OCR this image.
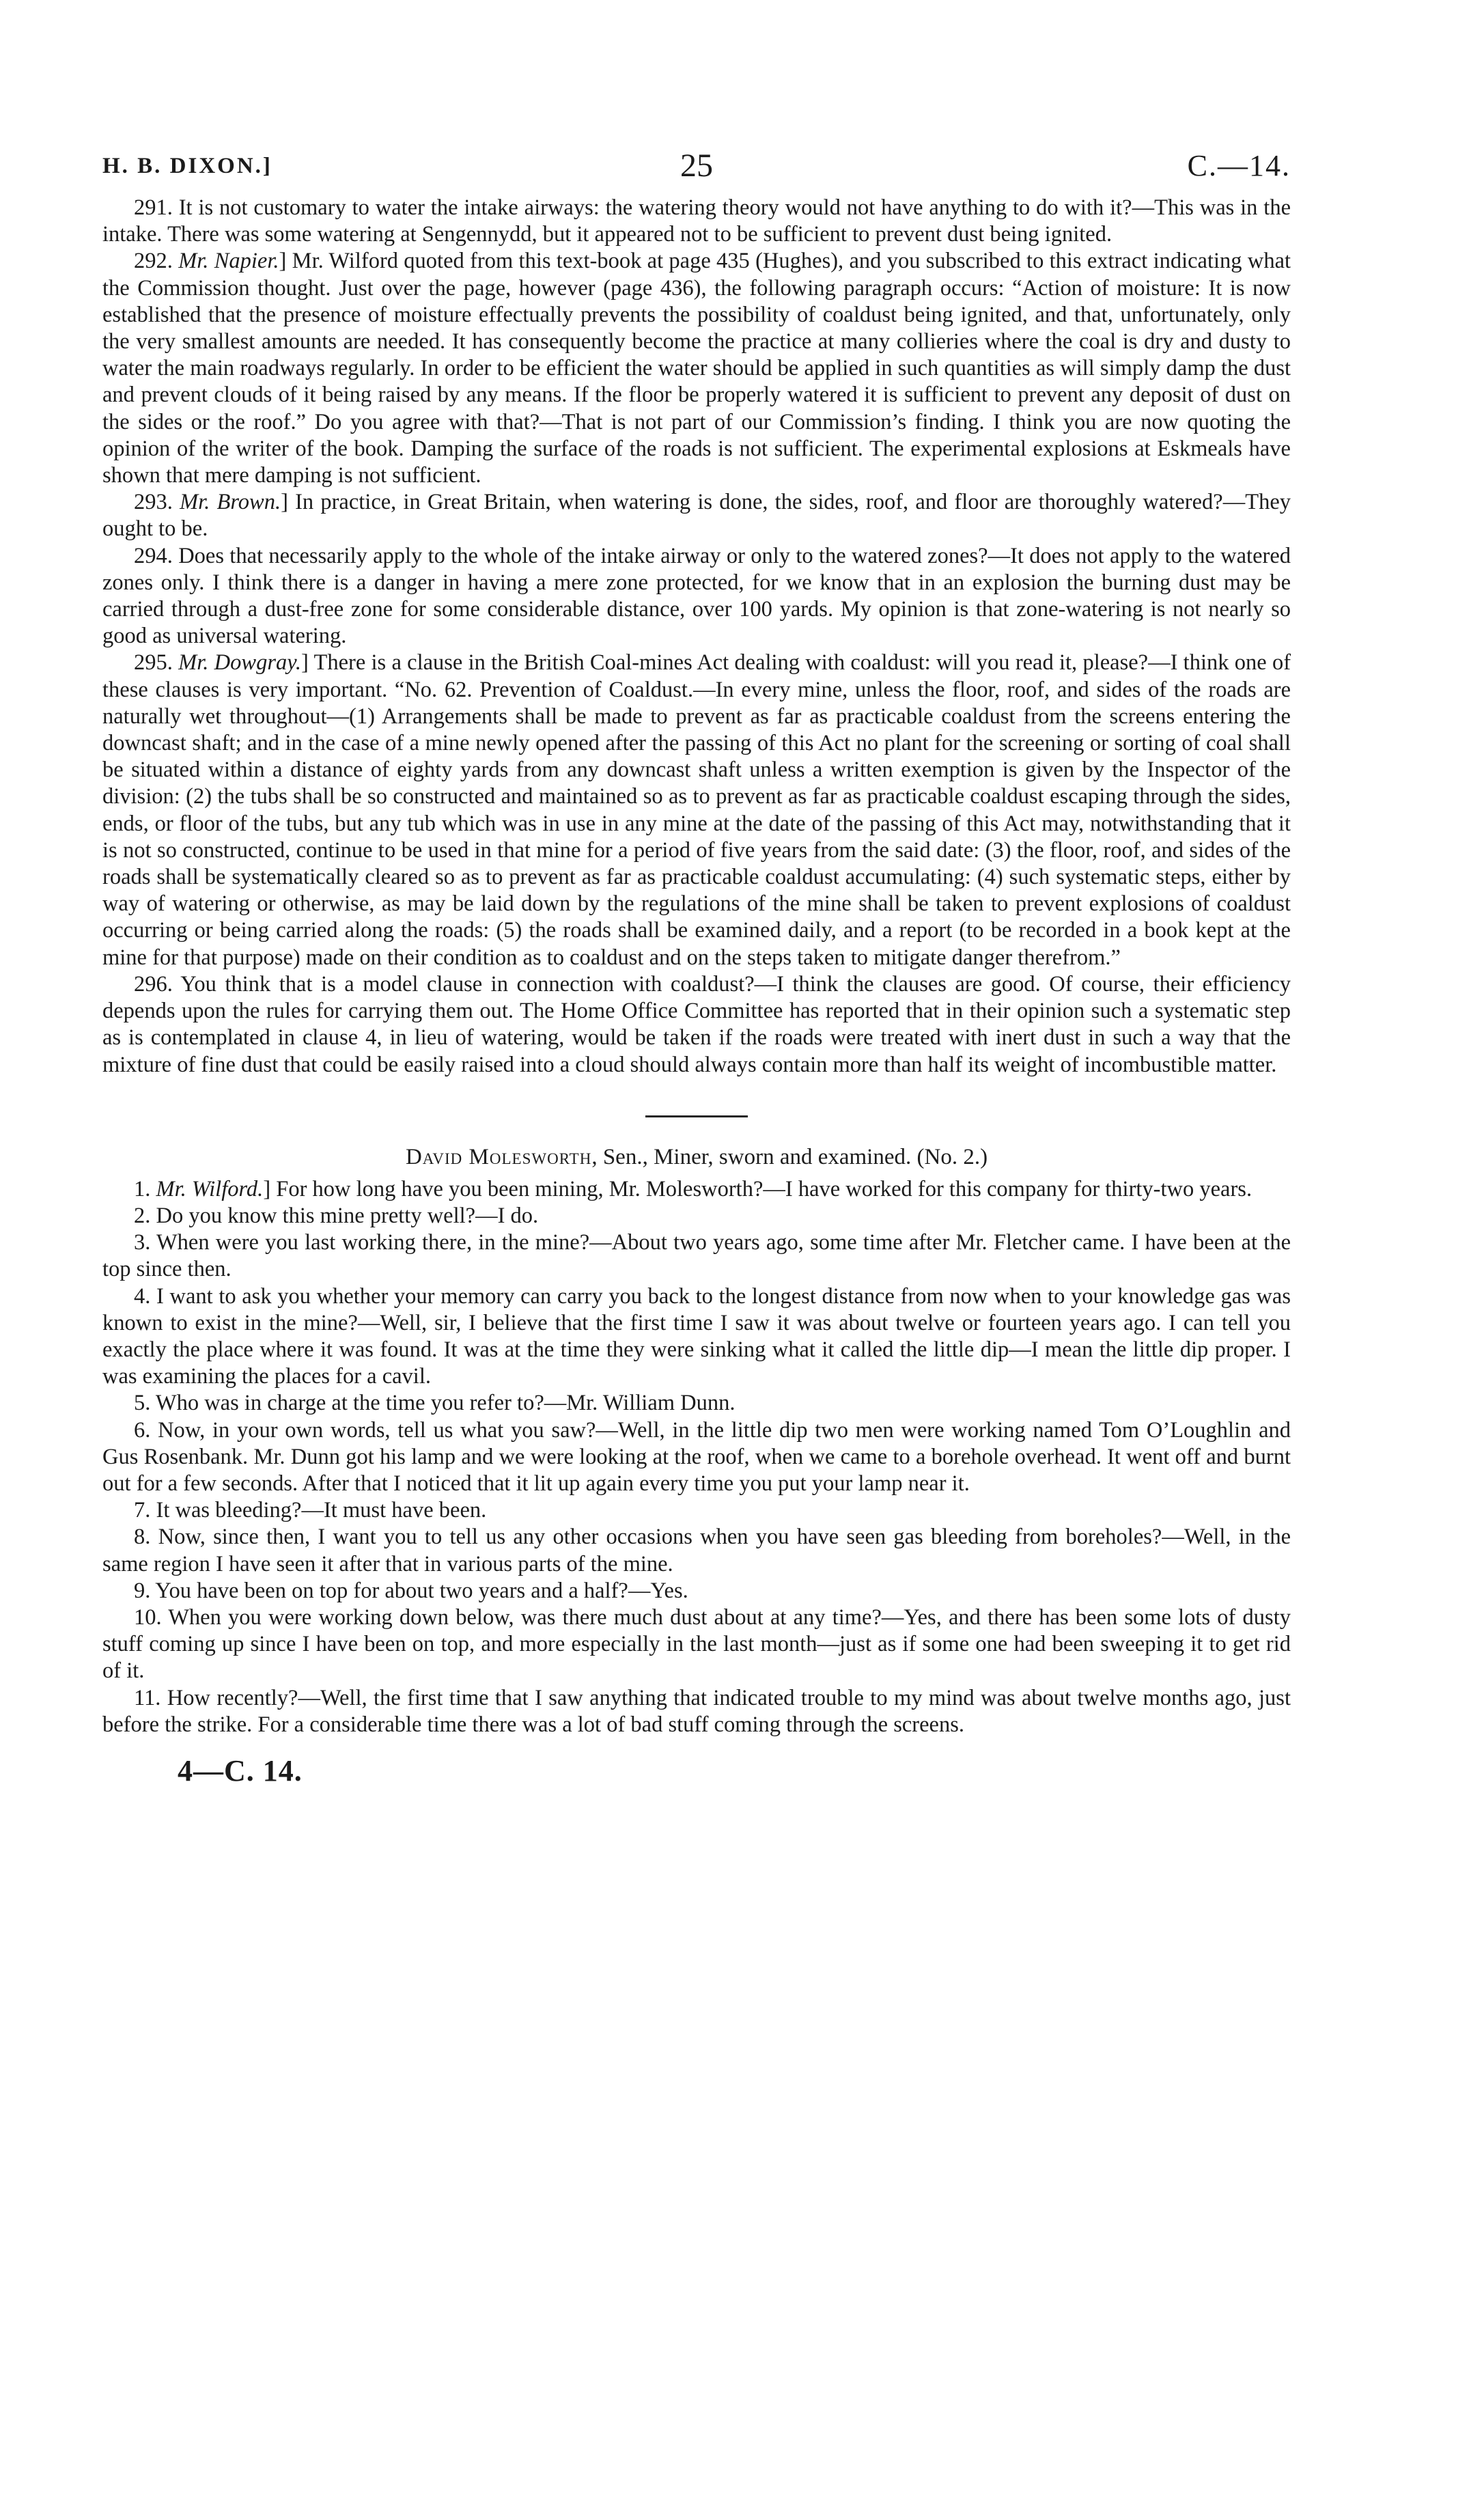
H. B. DIXON.]	25	C.—14.

291. It is not customary to water the intake airways: the watering theory would not have anything to do with it?—This was in the intake. There was some watering at Sengennydd, but it appeared not to be sufficient to prevent dust being ignited.

292. Mr. Napier.] Mr. Wilford quoted from this text-book at page 435 (Hughes), and you subscribed to this extract indicating what the Commission thought. Just over the page, however (page 436), the following paragraph occurs: “Action of moisture: It is now established that the presence of moisture effectually prevents the possibility of coaldust being ignited, and that, unfortunately, only the very smallest amounts are needed. It has consequently become the practice at many collieries where the coal is dry and dusty to water the main roadways regularly. In order to be efficient the water should be applied in such quantities as will simply damp the dust and prevent clouds of it being raised by any means. If the floor be properly watered it is sufficient to prevent any deposit of dust on the sides or the roof.” Do you agree with that?—That is not part of our Commission’s finding. I think you are now quoting the opinion of the writer of the book. Damping the surface of the roads is not sufficient. The experimental explosions at Eskmeals have shown that mere damping is not sufficient.

293. Mr. Brown.] In practice, in Great Britain, when watering is done, the sides, roof, and floor are thoroughly watered?—They ought to be.

294. Does that necessarily apply to the whole of the intake airway or only to the watered zones?—It does not apply to the watered zones only. I think there is a danger in having a mere zone protected, for we know that in an explosion the burning dust may be carried through a dust-free zone for some considerable distance, over 100 yards. My opinion is that zone-watering is not nearly so good as universal watering.

295. Mr. Dowgray.] There is a clause in the British Coal-mines Act dealing with coaldust: will you read it, please?—I think one of these clauses is very important. “No. 62. Prevention of Coaldust.—In every mine, unless the floor, roof, and sides of the roads are naturally wet throughout—(1) Arrangements shall be made to prevent as far as practicable coaldust from the screens entering the downcast shaft; and in the case of a mine newly opened after the passing of this Act no plant for the screening or sorting of coal shall be situated within a distance of eighty yards from any downcast shaft unless a written exemption is given by the Inspector of the division: (2) the tubs shall be so constructed and maintained so as to prevent as far as practicable coaldust escaping through the sides, ends, or floor of the tubs, but any tub which was in use in any mine at the date of the passing of this Act may, notwithstanding that it is not so constructed, continue to be used in that mine for a period of five years from the said date: (3) the floor, roof, and sides of the roads shall be systematically cleared so as to prevent as far as practicable coaldust accumulating: (4) such systematic steps, either by way of watering or otherwise, as may be laid down by the regulations of the mine shall be taken to prevent explosions of coaldust occurring or being carried along the roads: (5) the roads shall be examined daily, and a report (to be recorded in a book kept at the mine for that purpose) made on their condition as to coaldust and on the steps taken to mitigate danger therefrom.”

296. You think that is a model clause in connection with coaldust?—I think the clauses are good. Of course, their efficiency depends upon the rules for carrying them out. The Home Office Committee has reported that in their opinion such a systematic step as is contemplated in clause 4, in lieu of watering, would be taken if the roads were treated with inert dust in such a way that the mixture of fine dust that could be easily raised into a cloud should always contain more than half its weight of incombustible matter.

David Molesworth, Sen., Miner, sworn and examined. (No. 2.)

1. Mr. Wilford.] For how long have you been mining, Mr. Molesworth?—I have worked for this company for thirty-two years.

2. Do you know this mine pretty well?—I do.

3. When were you last working there, in the mine?—About two years ago, some time after Mr. Fletcher came. I have been at the top since then.

4. I want to ask you whether your memory can carry you back to the longest distance from now when to your knowledge gas was known to exist in the mine?—Well, sir, I believe that the first time I saw it was about twelve or fourteen years ago. I can tell you exactly the place where it was found. It was at the time they were sinking what it called the little dip—I mean the little dip proper. I was examining the places for a cavil.

5. Who was in charge at the time you refer to?—Mr. William Dunn.

6. Now, in your own words, tell us what you saw?—Well, in the little dip two men were working named Tom O’Loughlin and Gus Rosenbank. Mr. Dunn got his lamp and we were looking at the roof, when we came to a borehole overhead. It went off and burnt out for a few seconds. After that I noticed that it lit up again every time you put your lamp near it.

7. It was bleeding?—It must have been.

8. Now, since then, I want you to tell us any other occasions when you have seen gas bleeding from boreholes?—Well, in the same region I have seen it after that in various parts of the mine.

9. You have been on top for about two years and a half?—Yes.

10. When you were working down below, was there much dust about at any time?—Yes, and there has been some lots of dusty stuff coming up since I have been on top, and more especially in the last month—just as if some one had been sweeping it to get rid of it.

11. How recently?—Well, the first time that I saw anything that indicated trouble to my mind was about twelve months ago, just before the strike. For a considerable time there was a lot of bad stuff coming through the screens.

4—C. 14.
